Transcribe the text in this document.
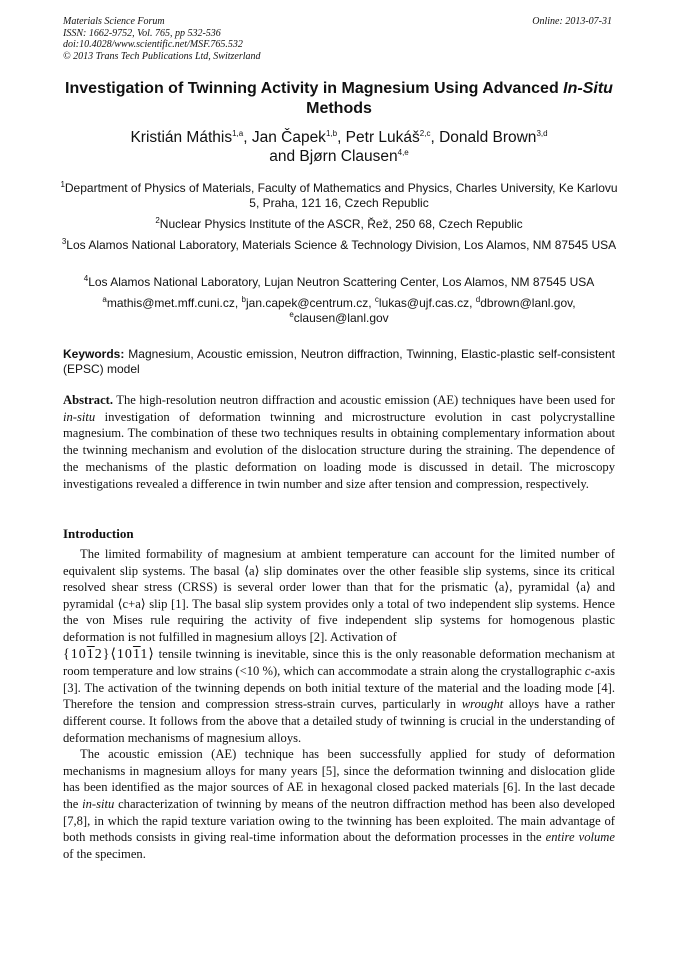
Materials Science Forum
ISSN: 1662-9752, Vol. 765, pp 532-536
doi:10.4028/www.scientific.net/MSF.765.532
© 2013 Trans Tech Publications Ltd, Switzerland
Online: 2013-07-31
Investigation of Twinning Activity in Magnesium Using Advanced In-Situ
Methods
Kristián Máthis$^{1,a}$, Jan Čapek$^{1,b}$, Petr Lukáš$^{2,c}$, Donald Brown$^{3,d}$
and Bjørn Clausen$^{4,e}$
$^1$Department of Physics of Materials, Faculty of Mathematics and Physics, Charles University, Ke Karlovu 5, Praha, 121 16, Czech Republic
$^2$Nuclear Physics Institute of the ASCR, Řež, 250 68, Czech Republic
$^3$Los Alamos National Laboratory, Materials Science & Technology Division, Los Alamos, NM 87545 USA
$^4$Los Alamos National Laboratory, Lujan Neutron Scattering Center, Los Alamos, NM 87545 USA
$^a$mathis@met.mff.cuni.cz, $^b$jan.capek@centrum.cz, $^c$lukas@ujf.cas.cz, $^d$dbrown@lanl.gov,
$^e$clausen@lanl.gov
Keywords: Magnesium, Acoustic emission, Neutron diffraction, Twinning, Elastic-plastic self-consistent (EPSC) model
Abstract. The high-resolution neutron diffraction and acoustic emission (AE) techniques have been used for in-situ investigation of deformation twinning and microstructure evolution in cast polycrystalline magnesium. The combination of these two techniques results in obtaining complementary information about the twinning mechanism and evolution of the dislocation structure during the straining. The dependence of the mechanisms of the plastic deformation on loading mode is discussed in detail. The microscopy investigations revealed a difference in twin number and size after tension and compression, respectively.
Introduction

The limited formability of magnesium at ambient temperature can account for the limited number of equivalent slip systems. The basal ⟨a⟩ slip dominates over the other feasible slip systems, since its critical resolved shear stress (CRSS) is several order lower than that for the prismatic ⟨a⟩, pyramidal ⟨a⟩ and pyramidal ⟨c+a⟩ slip [1]. The basal slip system provides only a total of two independent slip systems. Hence the von Mises rule requiring the activity of five independent slip systems for homogenous plastic deformation is not fulfilled in magnesium alloys [2]. Activation of

{1012}⟨1011⟩ tensile twinning is inevitable, since this is the only reasonable deformation mechanism at room temperature and low strains (<10 %), which can accommodate a strain along the crystallographic c-axis [3]. The activation of the twinning depends on both initial texture of the material and the loading mode [4]. Therefore the tension and compression stress-strain curves, particularly in wrought alloys have a rather different course. It follows from the above that a detailed study of twinning is crucial in the understanding of deformation mechanisms of magnesium alloys.

The acoustic emission (AE) technique has been successfully applied for study of deformation mechanisms in magnesium alloys for many years [5], since the deformation twinning and dislocation glide has been identified as the major sources of AE in hexagonal closed packed materials [6]. In the last decade the in-situ characterization of twinning by means of the neutron diffraction method has been also developed [7,8], in which the rapid texture variation owing to the twinning has been exploited. The main advantage of both methods consists in giving real-time information about the deformation processes in the entire volume of the specimen.
